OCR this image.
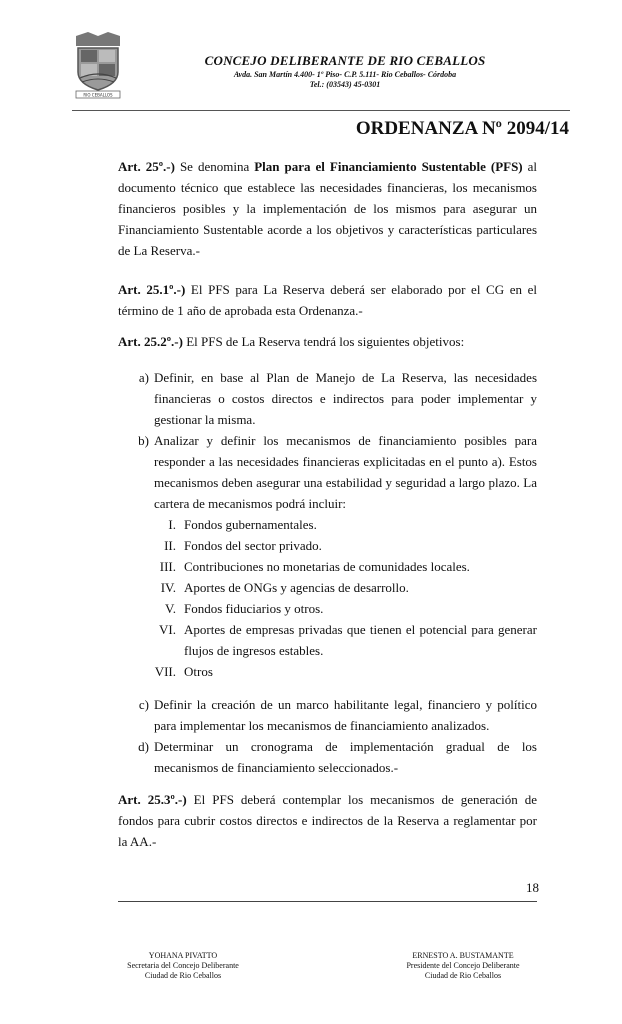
RIO CEBALLOS
CONCEJO DELIBERANTE DE RIO CEBALLOS
Avda. San Martín 4.400- 1º Piso- C.P. 5.111- Rio Ceballos- Córdoba
Tel.: (03543) 45-0301
ORDENANZA Nº 2094/14
Art. 25º.-) Se denomina Plan para el Financiamiento Sustentable (PFS) al documento técnico que establece las necesidades financieras, los mecanismos financieros posibles y la implementación de los mismos para asegurar un Financiamiento Sustentable acorde a los objetivos y características particulares de La Reserva.-
Art. 25.1º.-) El PFS para La Reserva deberá ser elaborado por el CG en el término de 1 año de aprobada esta Ordenanza.-
Art. 25.2º.-) El PFS de La Reserva tendrá los siguientes objetivos:
a) Definir, en base al Plan de Manejo de La Reserva, las necesidades financieras o costos directos e indirectos para poder implementar y gestionar la misma.
b) Analizar y definir los mecanismos de financiamiento posibles para responder a las necesidades financieras explicitadas en el punto a). Estos mecanismos deben asegurar una estabilidad y seguridad a largo plazo. La cartera de mecanismos podrá incluir:
I. Fondos gubernamentales.
II. Fondos del sector privado.
III. Contribuciones no monetarias de comunidades locales.
IV. Aportes de ONGs y agencias de desarrollo.
V. Fondos fiduciarios y otros.
VI. Aportes de empresas privadas que tienen el potencial para generar flujos de ingresos estables.
VII. Otros
c) Definir la creación de un marco habilitante legal, financiero y político para implementar los mecanismos de financiamiento analizados.
d) Determinar un cronograma de implementación gradual de los mecanismos de financiamiento seleccionados.-
Art. 25.3º.-) El PFS deberá contemplar los mecanismos de generación de fondos para cubrir costos directos e indirectos de la Reserva a reglamentar por la AA.-
18
YOHANA PIVATTO
Secretaria del Concejo Deliberante
Ciudad de Rio Ceballos
ERNESTO A. BUSTAMANTE
Presidente del Concejo Deliberante
Ciudad de Rio Ceballos
